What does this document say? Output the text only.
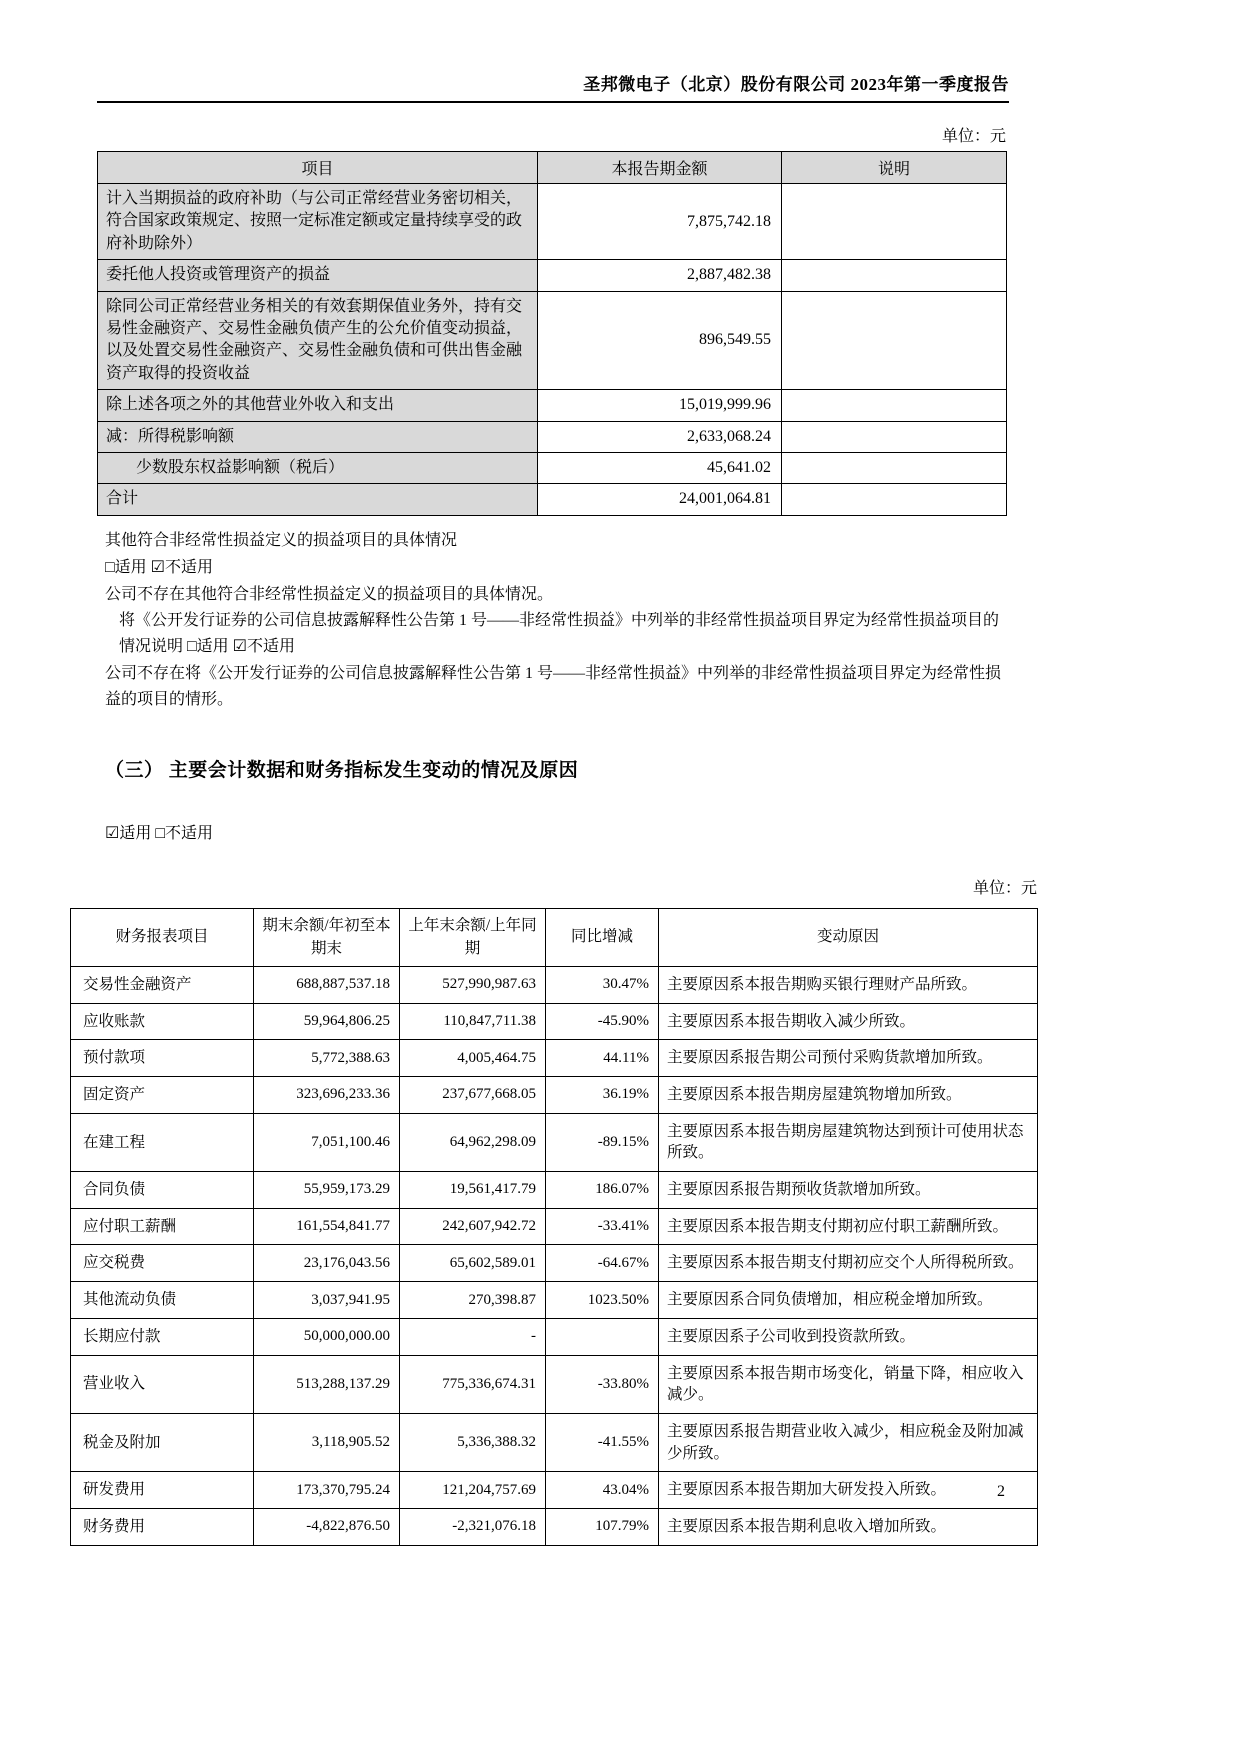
圣邦微电子（北京）股份有限公司 2023年第一季度报告
单位：元
项目	本报告期金额	说明
计入当期损益的政府补助（与公司正常经营业务密切相关，符合国家政策规定、按照一定标准定额或定量持续享受的政府补助除外）	7,875,742.18	
委托他人投资或管理资产的损益	2,887,482.38	
除同公司正常经营业务相关的有效套期保值业务外，持有交易性金融资产、交易性金融负债产生的公允价值变动损益，以及处置交易性金融资产、交易性金融负债和可供出售金融资产取得的投资收益	896,549.55	
除上述各项之外的其他营业外收入和支出	15,019,999.96	
减：所得税影响额	2,633,068.24	
少数股东权益影响额（税后）	45,641.02	
合计	24,001,064.81	

其他符合非经常性损益定义的损益项目的具体情况

□适用 ☑不适用

公司不存在其他符合非经常性损益定义的损益项目的具体情况。

将《公开发行证券的公司信息披露解释性公告第 1 号——非经常性损益》中列举的非经常性损益项目界定为经常性损益项目的情况说明 □适用 ☑不适用

公司不存在将《公开发行证券的公司信息披露解释性公告第 1 号——非经常性损益》中列举的非经常性损益项目界定为经常性损益的项目的情形。

（三） 主要会计数据和财务指标发生变动的情况及原因
☑适用 □不适用
单位：元
财务报表项目	期末余额/年初至本期末	上年末余额/上年同期	同比增减	变动原因
交易性金融资产	688,887,537.18	527,990,987.63	30.47%	主要原因系本报告期购买银行理财产品所致。
应收账款	59,964,806.25	110,847,711.38	-45.90%	主要原因系本报告期收入减少所致。
预付款项	5,772,388.63	4,005,464.75	44.11%	主要原因系报告期公司预付采购货款增加所致。
固定资产	323,696,233.36	237,677,668.05	36.19%	主要原因系本报告期房屋建筑物增加所致。
在建工程	7,051,100.46	64,962,298.09	-89.15%	主要原因系本报告期房屋建筑物达到预计可使用状态所致。
合同负债	55,959,173.29	19,561,417.79	186.07%	主要原因系报告期预收货款增加所致。
应付职工薪酬	161,554,841.77	242,607,942.72	-33.41%	主要原因系本报告期支付期初应付职工薪酬所致。
应交税费	23,176,043.56	65,602,589.01	-64.67%	主要原因系本报告期支付期初应交个人所得税所致。
其他流动负债	3,037,941.95	270,398.87	1023.50%	主要原因系合同负债增加，相应税金增加所致。
长期应付款	50,000,000.00	-		主要原因系子公司收到投资款所致。
营业收入	513,288,137.29	775,336,674.31	-33.80%	主要原因系本报告期市场变化，销量下降，相应收入减少。
税金及附加	3,118,905.52	5,336,388.32	-41.55%	主要原因系报告期营业收入减少，相应税金及附加减少所致。
研发费用	173,370,795.24	121,204,757.69	43.04%	主要原因系本报告期加大研发投入所致。
财务费用	-4,822,876.50	-2,321,076.18	107.79%	主要原因系本报告期利息收入增加所致。
2
